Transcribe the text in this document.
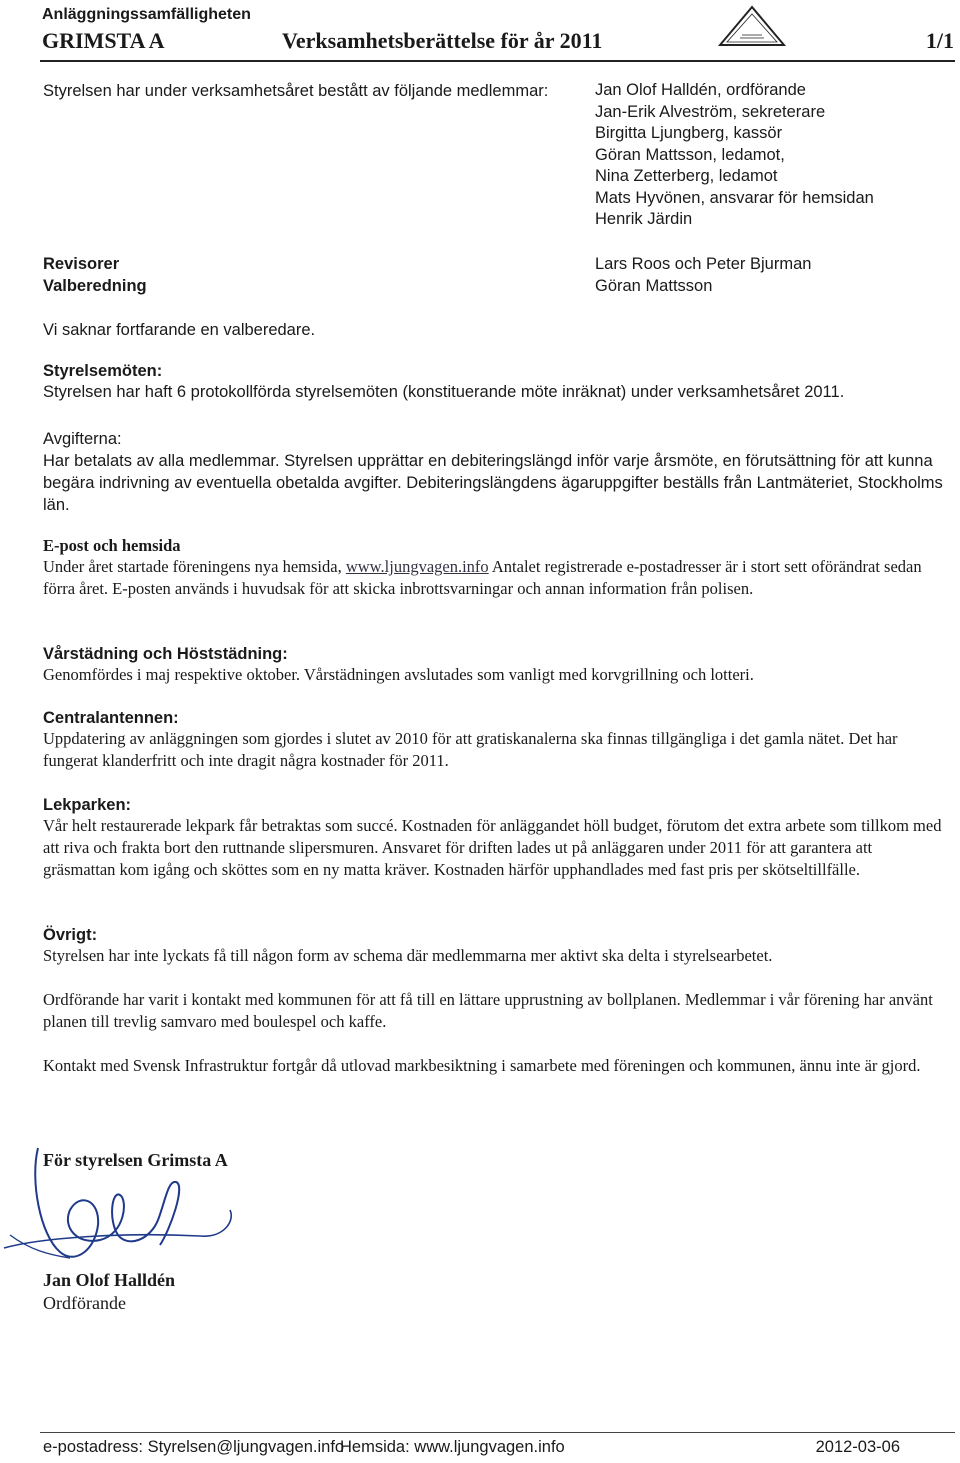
Anläggningssamfälligheten
GRIMSTA A	Verksamhetsberättelse för år 2011	1/1
Styrelsen har under verksamhetsåret bestått av följande medlemmar:	Jan Olof Halldén, ordförande
Jan-Erik Alveström, sekreterare
Birgitta Ljungberg, kassör
Göran Mattsson, ledamot,
Nina Zetterberg, ledamot
Mats Hyvönen, ansvarar för hemsidan
Henrik Järdin
Revisorer	Lars Roos och Peter Bjurman
Valberedning	Göran Mattsson
Vi saknar fortfarande en valberedare.
Styrelsemöten:
Styrelsen har haft 6 protokollförda styrelsemöten (konstituerande möte inräknat) under verksamhetsåret 2011.
Avgifterna:
Har betalats av alla medlemmar. Styrelsen upprättar en debiteringslängd inför varje årsmöte, en förutsättning för att kunna begära indrivning av eventuella obetalda avgifter. Debiteringslängdens ägaruppgifter beställs från Lantmäteriet, Stockholms län.
E-post och hemsida
Under året startade föreningens nya hemsida, www.ljungvagen.info Antalet registrerade e-postadresser är i stort sett oförändrat sedan förra året. E-posten används i huvudsak för att skicka inbrottsvarningar och annan information från polisen.
Vårstädning och Höststädning:
Genomfördes i maj respektive oktober. Vårstädningen avslutades som vanligt med korvgrillning och lotteri.
Centralantennen:
Uppdatering av anläggningen som gjordes i slutet av 2010 för att gratiskanalerna ska finnas tillgängliga i det gamla nätet. Det har fungerat klanderfritt och inte dragit några kostnader för 2011.
Lekparken:
Vår helt restaurerade lekpark får betraktas som succé. Kostnaden för anläggandet höll budget, förutom det extra arbete som tillkom med att riva och frakta bort den ruttnande slipersmuren. Ansvaret för driften lades ut på anläggaren under 2011 för att garantera att gräsmattan kom igång och sköttes som en ny matta kräver. Kostnaden härför upphandlades med fast pris per skötseltillfälle.
Övrigt:
Styrelsen har inte lyckats få till någon form av schema där medlemmarna mer aktivt ska delta i styrelsearbetet.
Ordförande har varit i kontakt med kommunen för att få till en lättare upprustning av bollplanen. Medlemmar i vår förening har använt planen till trevlig samvaro med boulespel och kaffe.
Kontakt med Svensk Infrastruktur fortgår då utlovad markbesiktning i samarbete med föreningen och kommunen, ännu inte är gjord.
För styrelsen Grimsta A
Jan Olof Halldén
Ordförande
e-postadress: Styrelsen@ljungvagen.info
Hemsida: www.ljungvagen.info	2012-03-06
